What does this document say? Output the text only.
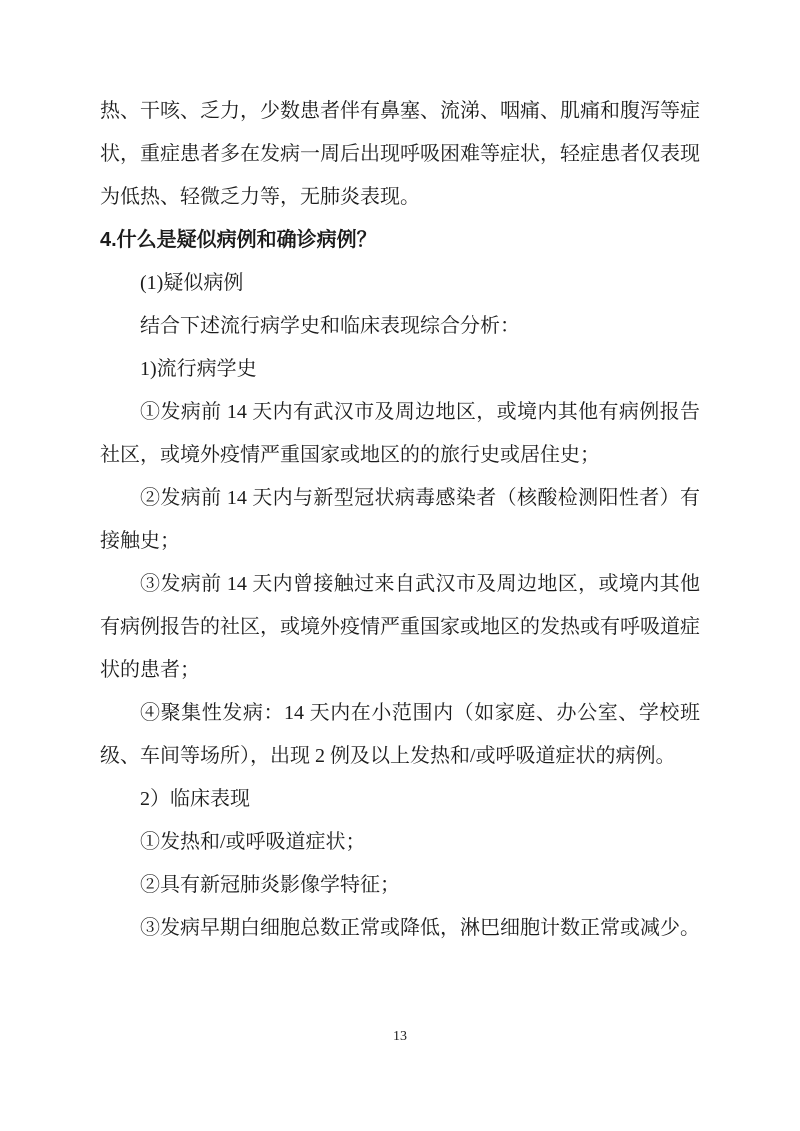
热、干咳、乏力，少数患者伴有鼻塞、流涕、咽痛、肌痛和腹泻等症状，重症患者多在发病一周后出现呼吸困难等症状，轻症患者仅表现为低热、轻微乏力等，无肺炎表现。

4.什么是疑似病例和确诊病例？

(1)疑似病例

结合下述流行病学史和临床表现综合分析：

1)流行病学史

①发病前 14 天内有武汉市及周边地区，或境内其他有病例报告社区，或境外疫情严重国家或地区的的旅行史或居住史；

②发病前 14 天内与新型冠状病毒感染者（核酸检测阳性者）有接触史；

③发病前 14 天内曾接触过来自武汉市及周边地区，或境内其他有病例报告的社区，或境外疫情严重国家或地区的发热或有呼吸道症状的患者；

④聚集性发病：14 天内在小范围内（如家庭、办公室、学校班级、车间等场所），出现 2 例及以上发热和/或呼吸道症状的病例。

2）临床表现

①发热和/或呼吸道症状；

②具有新冠肺炎影像学特征；

③发病早期白细胞总数正常或降低，淋巴细胞计数正常或减少。

13
